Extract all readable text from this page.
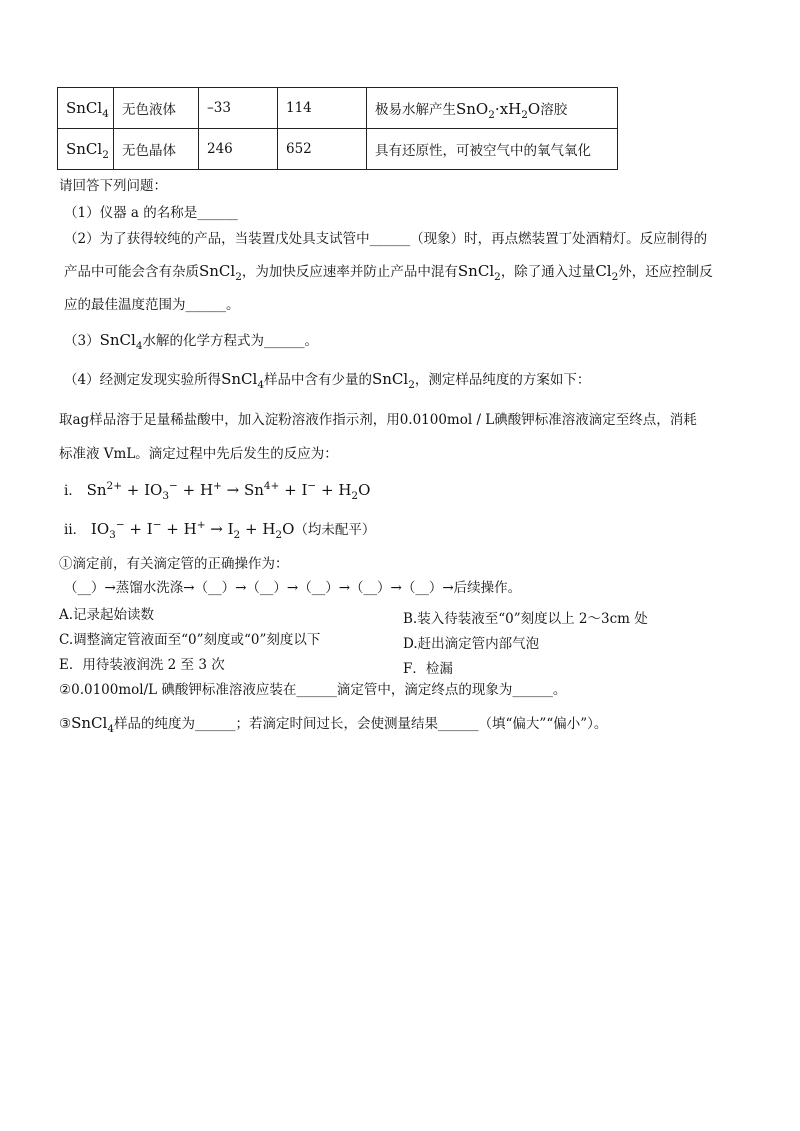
SnCl$_4$	无色液体	–33	114	极易水解产生$SnO_2\cdot xH_2O$溶胶
SnCl$_2$	无色晶体	246	652	具有还原性，可被空气中的氧气氧化
请回答下列问题：
（1）仪器 a 的名称是______
（2）为了获得较纯的产品，当装置戊处具支试管中______（现象）时，再点燃装置丁处酒精灯。反应制得的
产品中可能会含有杂质SnCl$_2$，为加快反应速率并防止产品中混有SnCl$_2$，除了通入过量$Cl_2$外，还应控制反
应的最佳温度范围为______。
（3）SnCl$_4$水解的化学方程式为______。
（4）经测定发现实验所得SnCl$_4$样品中含有少量的SnCl$_2$，测定样品纯度的方案如下：
取ag样品溶于足量稀盐酸中，加入淀粉溶液作指示剂，用0.0100mol / L碘酸钾标准溶液滴定至终点，消耗
标准液 VmL。滴定过程中先后发生的反应为：
ⅰ． $Sn^{2+} + IO_3^- + H^+ \to Sn^{4+} + I^- + H_2O$
ⅱ． $IO_3^- + I^- + H^+ \to I_2 + H_2O$（均未配平）
①滴定前，有关滴定管的正确操作为：
（__）→蒸馏水洗涤→（__）→（__）→（__）→（__）→（__）→后续操作。
A.记录起始读数	B.装入待装液至“0”刻度以上 2～3cm 处
C.调整滴定管液面至“0”刻度或“0”刻度以下	D.赶出滴定管内部气泡
E．用待装液润洗 2 至 3 次	F．检漏
②0.0100mol/L 碘酸钾标准溶液应装在______滴定管中，滴定终点的现象为______。
③SnCl$_4$样品的纯度为______；若滴定时间过长，会使测量结果______（填“偏大”“偏小”）。
